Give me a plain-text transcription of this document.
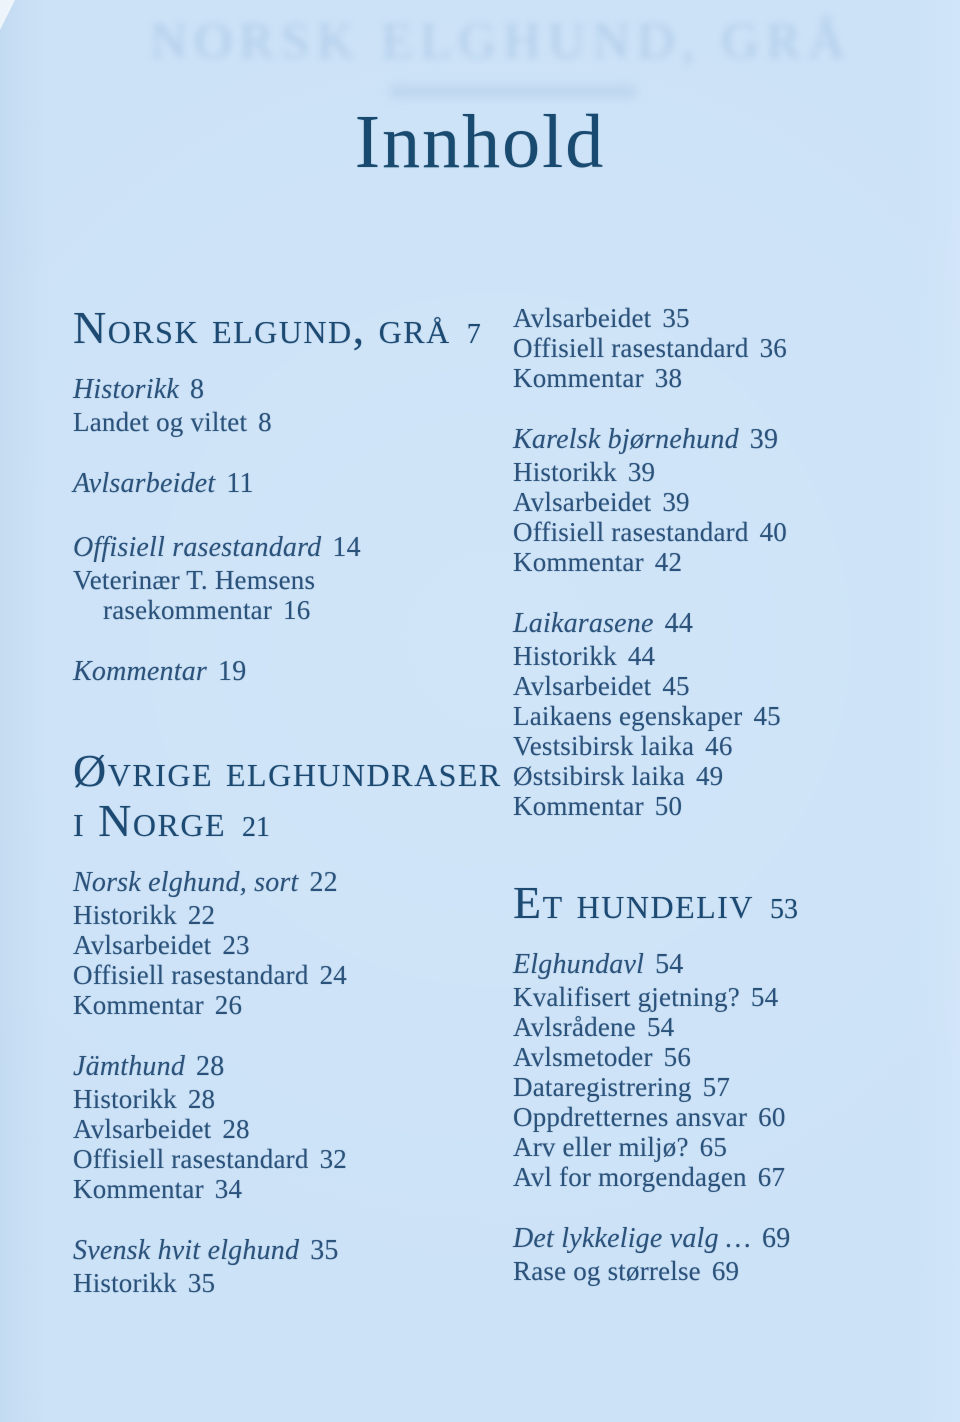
NORSK ELGHUND, GRÅ
Innhold
Norsk elgund, grå 7
Historikk 8
Landet og viltet 8
Avlsarbeidet 11
Offisiell rasestandard 14
Veterinær T. Hemsens
rasekommentar 16
Kommentar 19
Øvrige elghundraser
i Norge 21
Norsk elghund, sort 22
Historikk 22
Avlsarbeidet 23
Offisiell rasestandard 24
Kommentar 26
Jämthund 28
Historikk 28
Avlsarbeidet 28
Offisiell rasestandard 32
Kommentar 34
Svensk hvit elghund 35
Historikk 35
Avlsarbeidet 35
Offisiell rasestandard 36
Kommentar 38
Karelsk bjørnehund 39
Historikk 39
Avlsarbeidet 39
Offisiell rasestandard 40
Kommentar 42
Laikarasene 44
Historikk 44
Avlsarbeidet 45
Laikaens egenskaper 45
Vestsibirsk laika 46
Østsibirsk laika 49
Kommentar 50
Et hundeliv 53
Elghundavl 54
Kvalifisert gjetning? 54
Avlsrådene 54
Avlsmetoder 56
Dataregistrering 57
Oppdretternes ansvar 60
Arv eller miljø? 65
Avl for morgendagen 67
Det lykkelige valg … 69
Rase og størrelse 69
